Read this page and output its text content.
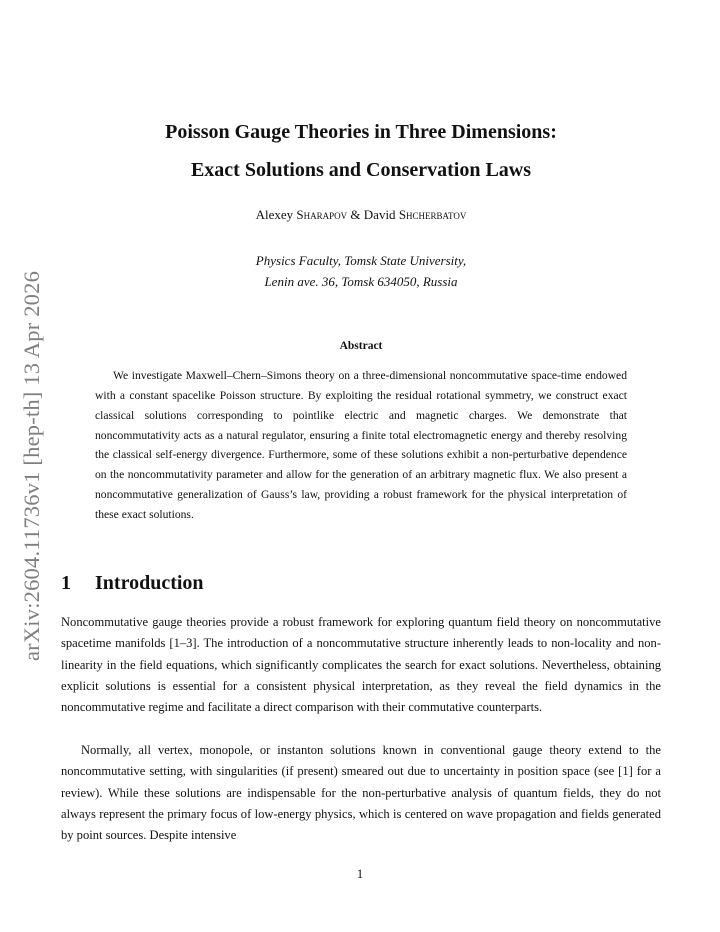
arXiv:2604.11736v1 [hep-th] 13 Apr 2026
Poisson Gauge Theories in Three Dimensions:
Exact Solutions and Conservation Laws
Alexey Sharapov & David Shcherbatov
Physics Faculty, Tomsk State University,
Lenin ave. 36, Tomsk 634050, Russia
Abstract

We investigate Maxwell–Chern–Simons theory on a three-dimensional noncommutative space-time endowed with a constant spacelike Poisson structure. By exploiting the residual rotational symmetry, we construct exact classical solutions corresponding to pointlike electric and magnetic charges. We demonstrate that noncommutativity acts as a natural regulator, ensuring a finite total electromagnetic energy and thereby resolving the classical self-energy divergence. Furthermore, some of these solutions exhibit a non-perturbative dependence on the noncommutativity parameter and allow for the generation of an arbitrary magnetic flux. We also present a noncommutative generalization of Gauss’s law, providing a robust framework for the physical interpretation of these exact solutions.

1 Introduction

Noncommutative gauge theories provide a robust framework for exploring quantum field theory on noncommutative spacetime manifolds [1–3]. The introduction of a noncommutative structure inherently leads to non-locality and non-linearity in the field equations, which significantly complicates the search for exact solutions. Nevertheless, obtaining explicit solutions is essential for a consistent physical interpretation, as they reveal the field dynamics in the noncommutative regime and facilitate a direct comparison with their commutative counterparts.

Normally, all vertex, monopole, or instanton solutions known in conventional gauge theory extend to the noncommutative setting, with singularities (if present) smeared out due to uncertainty in position space (see [1] for a review). While these solutions are indispensable for the non-perturbative analysis of quantum fields, they do not always represent the primary focus of low-energy physics, which is centered on wave propagation and fields generated by point sources. Despite intensive

1
